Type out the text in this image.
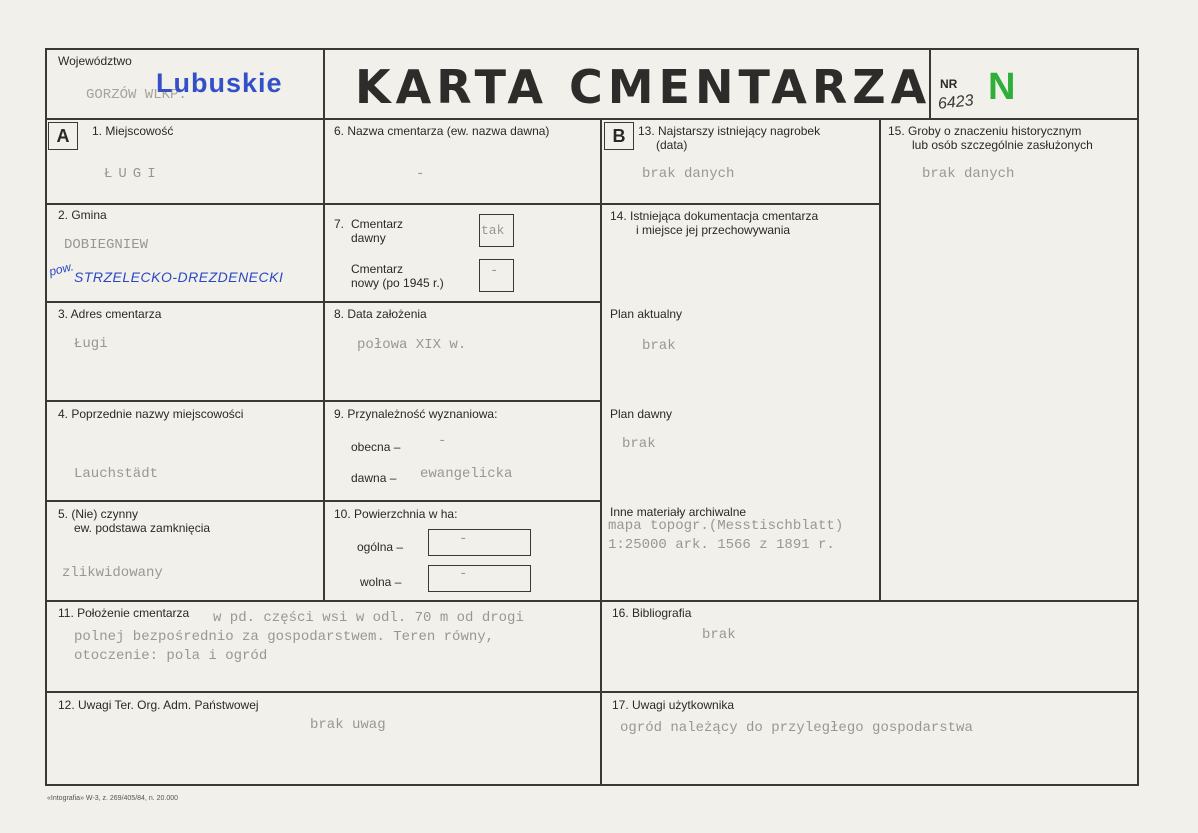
Województwo
GORZÓW WLKP.
Lubuskie KARTA CMENTARZA NR
6423 N
A	B
1. Miejscowość
ŁUGI
2. Gmina
DOBIEGNIEW
pow.
STRZELECKO-DREZDENECKI
3. Adres cmentarza
Ługi
4. Poprzednie nazwy miejscowości
Lauchstädt
5. (Nie) czynny
ew. podstawa zamknięcia
zlikwidowany
6. Nazwa cmentarza (ew. nazwa dawna)
-
7. Cmentarz
dawny	tak
Cmentarz
nowy (po 1945 r.)
-
8. Data założenia
połowa XIX w.
9. Przynależność wyznaniowa:
obecna –	-
dawna – ewangelicka
10. Powierzchnia w ha:
ogólna –	-
wolna –	-
11. Położenie cmentarza w pd. części wsi w odl. 70 m od drogi
polnej bezpośrednio za gospodarstwem. Teren równy,
otoczenie: pola i ogród
12. Uwagi Ter. Org. Adm. Państwowej
brak uwag
13. Najstarszy istniejący nagrobek
(data)
brak danych
14. Istniejąca dokumentacja cmentarza
i miejsce jej przechowywania
Plan aktualny
brak
Plan dawny
brak
Inne materiały archiwalne
mapa topogr.(Messtischblatt)
1:25000 ark. 1566 z 1891 r.
15. Groby o znaczeniu historycznym
lub osób szczególnie zasłużonych
brak danych
16. Bibliografia
brak
17. Uwagi użytkownika
ogród należący do przyległego gospodarstwa
«Intografia» W-3, z. 269/405/84, n. 20.000
